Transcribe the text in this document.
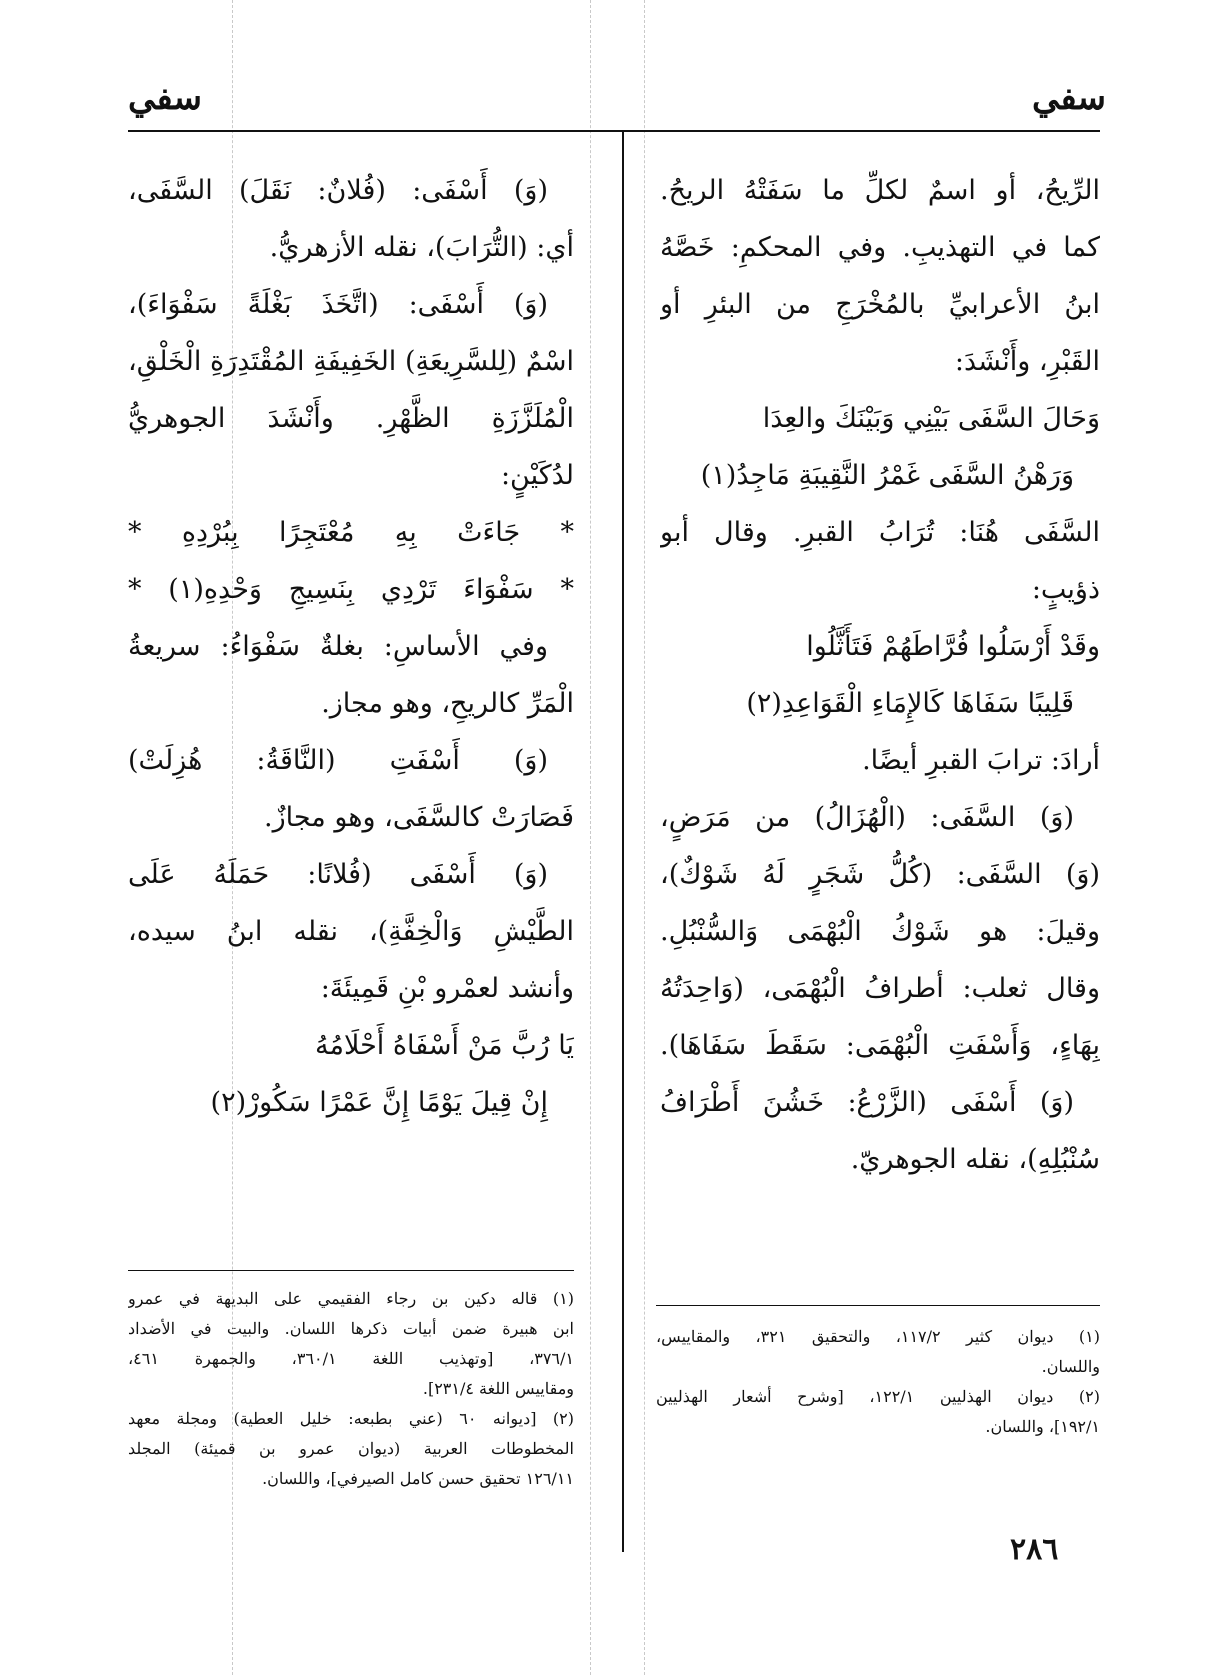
سفي
سفي
الرِّيحُ، أو اسمٌ لكلِّ ما سَفَتْهُ الريحُ.
كما في التهذيبِ. وفي المحكمِ: خَصَّهُ
ابنُ الأعرابيِّ بالمُخْرَجِ من البئرِ أو
القَبْرِ، وأَنْشَدَ:
وَحَالَ السَّفَى بَيْنِي وَبَيْنَكَ والعِدَا
وَرَهْنُ السَّفَى غَمْرُ النَّقِيبَةِ مَاجِدُ(١)
السَّفَى هُنَا: تُرَابُ القبرِ. وقال أبو
ذؤيبٍ:
وقَدْ أَرْسَلُوا فُرَّاطَهُمْ فَتَأَثَّلُوا
قَلِيبًا سَفَاهَا كَالإِمَاءِ الْقَوَاعِدِ(٢)
أرادَ: ترابَ القبرِ أيضًا.
(وَ) السَّفَى: (الْهُزَالُ) من مَرَضٍ،
(وَ) السَّفَى: (كُلُّ شَجَرٍ لَهُ شَوْكٌ)،
وقيلَ: هو شَوْكُ الْبُهْمَى وَالسُّنْبُلِ.
وقال ثعلب: أطرافُ الْبُهْمَى، (وَاحِدَتُهُ
بِهَاءٍ، وَأَسْفَتِ الْبُهْمَى: سَقَطَ سَفَاهَا).
(وَ) أَسْفَى (الزَّرْعُ: خَشُنَ أَطْرَافُ
سُنْبُلِهِ)، نقله الجوهريّ.
(١) ديوان كثير ١١٧/٢، والتحقيق ٣٢١، والمقاييس،
واللسان.
(٢) ديوان الهذليين ١٢٢/١، [وشرح أشعار الهذليين
١٩٢/١]، واللسان.
(وَ) أَسْفَى: (فُلانٌ: نَقَلَ) السَّفَى،
أي: (التُّرَابَ)، نقله الأزهريُّ.
(وَ) أَسْفَى: (اتَّخَذَ بَغْلَةً سَفْوَاءَ)،
اسْمٌ (لِلسَّرِيعَةِ) الخَفِيفَةِ المُقْتَدِرَةِ الْخَلْقِ،
الْمُلَزَّزَةِ الظَّهْرِ. وأَنْشَدَ الجوهريُّ
لدُكَيْنٍ:
* جَاءَتْ بِهِ مُعْتَجِرًا بِبُرْدِهِ *
* سَفْوَاءَ تَرْدِي بِنَسِيجِ وَحْدِهِ(١) *
وفي الأساسِ: بغلةٌ سَفْوَاءُ: سريعةُ
الْمَرِّ كالريحِ، وهو مجاز.
(وَ) أَسْفَتِ (النَّاقَةُ: هُزِلَتْ)
فَصَارَتْ كالسَّفَى، وهو مجازٌ.
(وَ) أَسْفَى (فُلانًا: حَمَلَهُ عَلَى
الطَّيْشِ وَالْخِفَّةِ)، نقله ابنُ سيده،
وأنشد لعمْرو بْنِ قَمِيئَةَ:
يَا رُبَّ مَنْ أَسْفَاهُ أَحْلَامُهُ
إِنْ قِيلَ يَوْمًا إِنَّ عَمْرًا سَكُورْ(٢)
(١) قاله دكين بن رجاء الفقيمي على البديهة في عمرو
ابن هبيرة ضمن أبيات ذكرها اللسان. والبيت في الأضداد
٣٧٦/١، [وتهذيب اللغة ٣٦٠/١، والجمهرة ٤٦١،
ومقاييس اللغة ٢٣١/٤].
(٢) [ديوانه ٦٠ (عني بطبعه: خليل العطية) ومجلة معهد
المخطوطات العربية (ديوان عمرو بن قميئة) المجلد
١٢٦/١١ تحقيق حسن كامل الصيرفي]، واللسان.
٢٨٦
